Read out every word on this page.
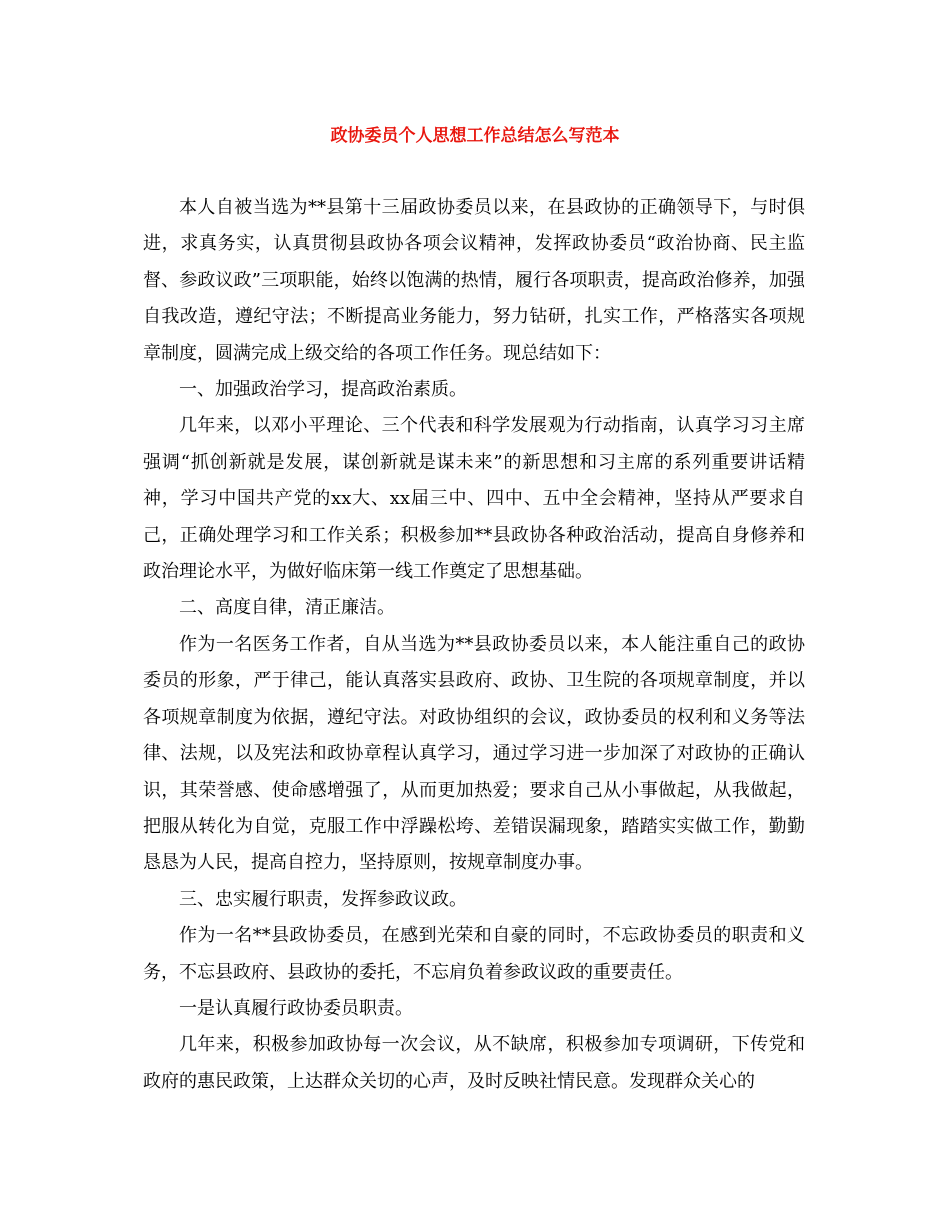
政协委员个人思想工作总结怎么写范本

本人自被当选为**县第十三届政协委员以来，在县政协的正确领导下，与时俱进，求真务实，认真贯彻县政协各项会议精神，发挥政协委员“政治协商、民主监督、参政议政”三项职能，始终以饱满的热情，履行各项职责，提高政治修养，加强自我改造，遵纪守法；不断提高业务能力，努力钻研，扎实工作，严格落实各项规章制度，圆满完成上级交给的各项工作任务。现总结如下：

一、加强政治学习，提高政治素质。

几年来，以邓小平理论、三个代表和科学发展观为行动指南，认真学习习主席强调“抓创新就是发展，谋创新就是谋未来”的新思想和习主席的系列重要讲话精神，学习中国共产党的xx大、xx届三中、四中、五中全会精神，坚持从严要求自己，正确处理学习和工作关系；积极参加**县政协各种政治活动，提高自身修养和政治理论水平，为做好临床第一线工作奠定了思想基础。

二、高度自律，清正廉洁。

作为一名医务工作者，自从当选为**县政协委员以来，本人能注重自己的政协委员的形象，严于律己，能认真落实县政府、政协、卫生院的各项规章制度，并以各项规章制度为依据，遵纪守法。对政协组织的会议，政协委员的权利和义务等法律、法规，以及宪法和政协章程认真学习，通过学习进一步加深了对政协的正确认识，其荣誉感、使命感增强了，从而更加热爱；要求自己从小事做起，从我做起，把服从转化为自觉，克服工作中浮躁松垮、差错误漏现象，踏踏实实做工作，勤勤恳恳为人民，提高自控力，坚持原则，按规章制度办事。

三、忠实履行职责，发挥参政议政。

作为一名**县政协委员，在感到光荣和自豪的同时，不忘政协委员的职责和义务，不忘县政府、县政协的委托，不忘肩负着参政议政的重要责任。

一是认真履行政协委员职责。

几年来，积极参加政协每一次会议，从不缺席，积极参加专项调研，下传党和政府的惠民政策，上达群众关切的心声，及时反映社情民意。发现群众关心的
